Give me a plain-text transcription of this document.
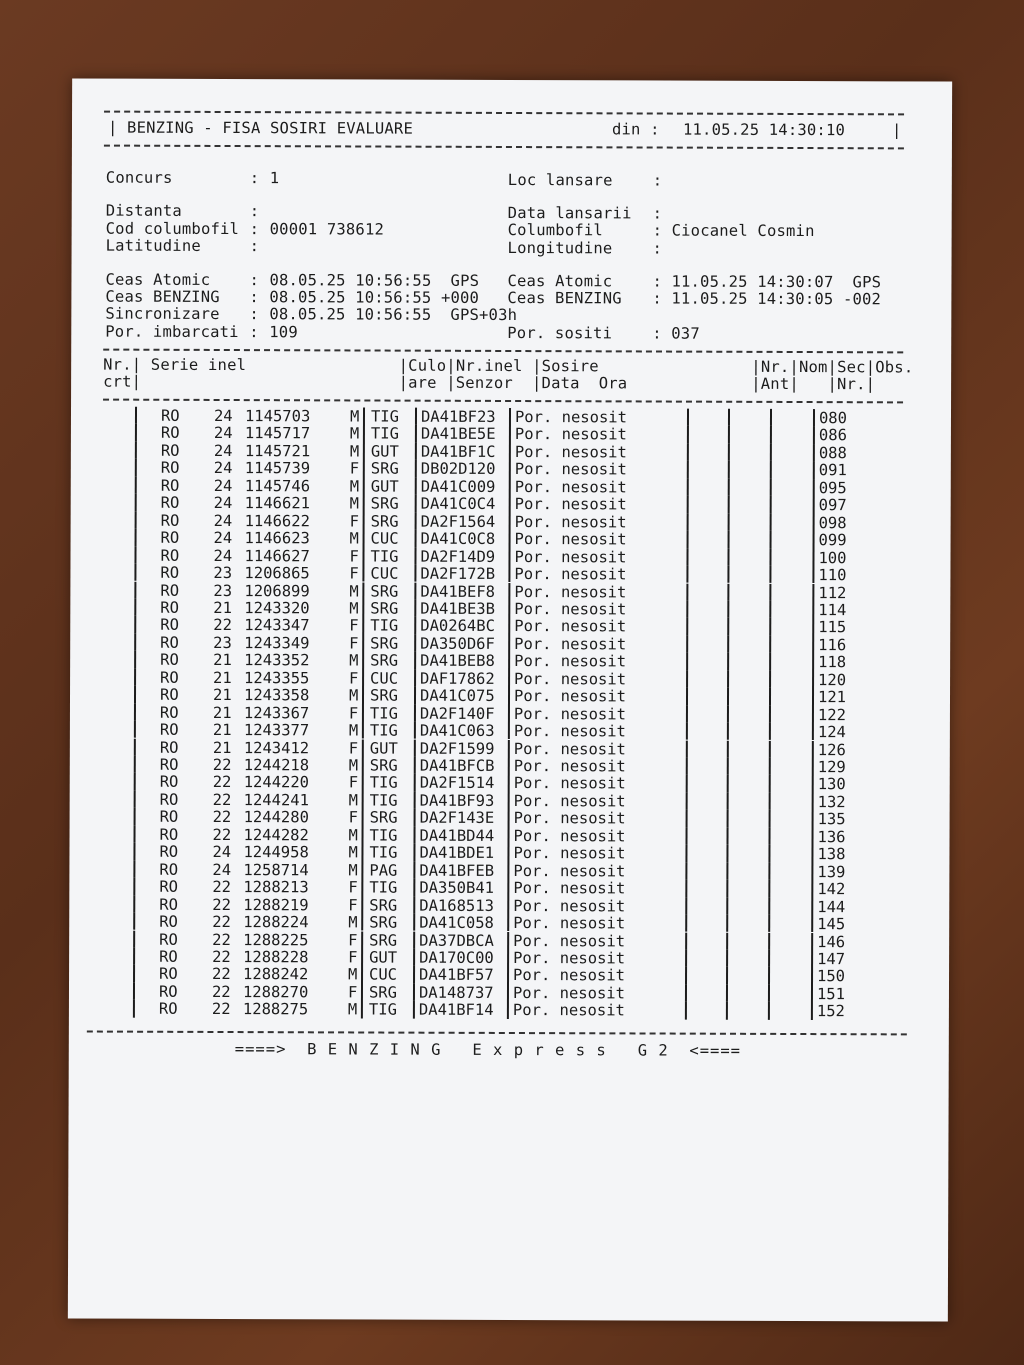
| BENZING - FISA SOSIRI EVALUARE	din : 11.05.25 14:30:10	|
Concurs	: 1
Distanta	:
Cod columbofil : 00001 738612
Latitudine	:
Ceas Atomic	: 08.05.25 10:56:55  GPS
Ceas BENZING : 08.05.25 10:56:55 +000
Sincronizare : 08.05.25 10:56:55  GPS+03h
Por. imbarcati : 109
Loc lansare	:
Data lansarii :
Columbofil	: Ciocanel Cosmin
Longitudine	:
Ceas Atomic	: 11.05.25 14:30:07  GPS
Ceas BENZING : 11.05.25 14:30:05 -002
Por. sositi	: 037
Nr.| Serie inel                |Culo|Nr.inel |Sosire                |Nr.|Nom|Sec|Obs.
crt|                           |are |Senzor  |Data  Ora             |Ant|   |Nr.|
RO 24 1145703	M TIG DA41BF23 Por. nesosit	080
RO 24 1145717	M TIG DA41BE5E Por. nesosit	086
RO 24 1145721	M GUT DA41BF1C Por. nesosit	088
RO 24 1145739	F SRG DB02D120 Por. nesosit	091
RO 24 1145746	M GUT DA41C009 Por. nesosit	095
RO 24 1146621	M SRG DA41C0C4 Por. nesosit	097
RO 24 1146622	F SRG DA2F1564 Por. nesosit	098
RO 24 1146623	M CUC DA41C0C8 Por. nesosit	099
RO 24 1146627	F TIG DA2F14D9 Por. nesosit	100
RO 23 1206865	F CUC DA2F172B Por. nesosit	110
RO 23 1206899	M SRG DA41BEF8 Por. nesosit	112
RO 21 1243320	M SRG DA41BE3B Por. nesosit	114
RO 22 1243347	F TIG DA0264BC Por. nesosit	115
RO 23 1243349	F SRG DA350D6F Por. nesosit	116
RO 21 1243352	M SRG DA41BEB8 Por. nesosit	118
RO 21 1243355	F CUC DAF17862 Por. nesosit	120
RO 21 1243358	M SRG DA41C075 Por. nesosit	121
RO 21 1243367	F TIG DA2F140F Por. nesosit	122
RO 21 1243377	M TIG DA41C063 Por. nesosit	124
RO 21 1243412	F GUT DA2F1599 Por. nesosit	126
RO 22 1244218	M SRG DA41BFCB Por. nesosit	129
RO 22 1244220	F TIG DA2F1514 Por. nesosit	130
RO 22 1244241	M TIG DA41BF93 Por. nesosit	132
RO 22 1244280	F SRG DA2F143E Por. nesosit	135
RO 22 1244282	M TIG DA41BD44 Por. nesosit	136
RO 24 1244958	M TIG DA41BDE1 Por. nesosit	138
RO 24 1258714	M PAG DA41BFEB Por. nesosit	139
RO 22 1288213	F TIG DA350B41 Por. nesosit	142
RO 22 1288219	F SRG DA168513 Por. nesosit	144
RO 22 1288224	M SRG DA41C058 Por. nesosit	145
RO 22 1288225	F SRG DA37DBCA Por. nesosit	146
RO 22 1288228	F GUT DA170C00 Por. nesosit	147
RO 22 1288242	M CUC DA41BF57 Por. nesosit	150
RO 22 1288270	F SRG DA148737 Por. nesosit	151
RO 22 1288275	M TIG DA41BF14 Por. nesosit	152
====>  B E N Z I N G   E x p r e s s   G 2  <====
